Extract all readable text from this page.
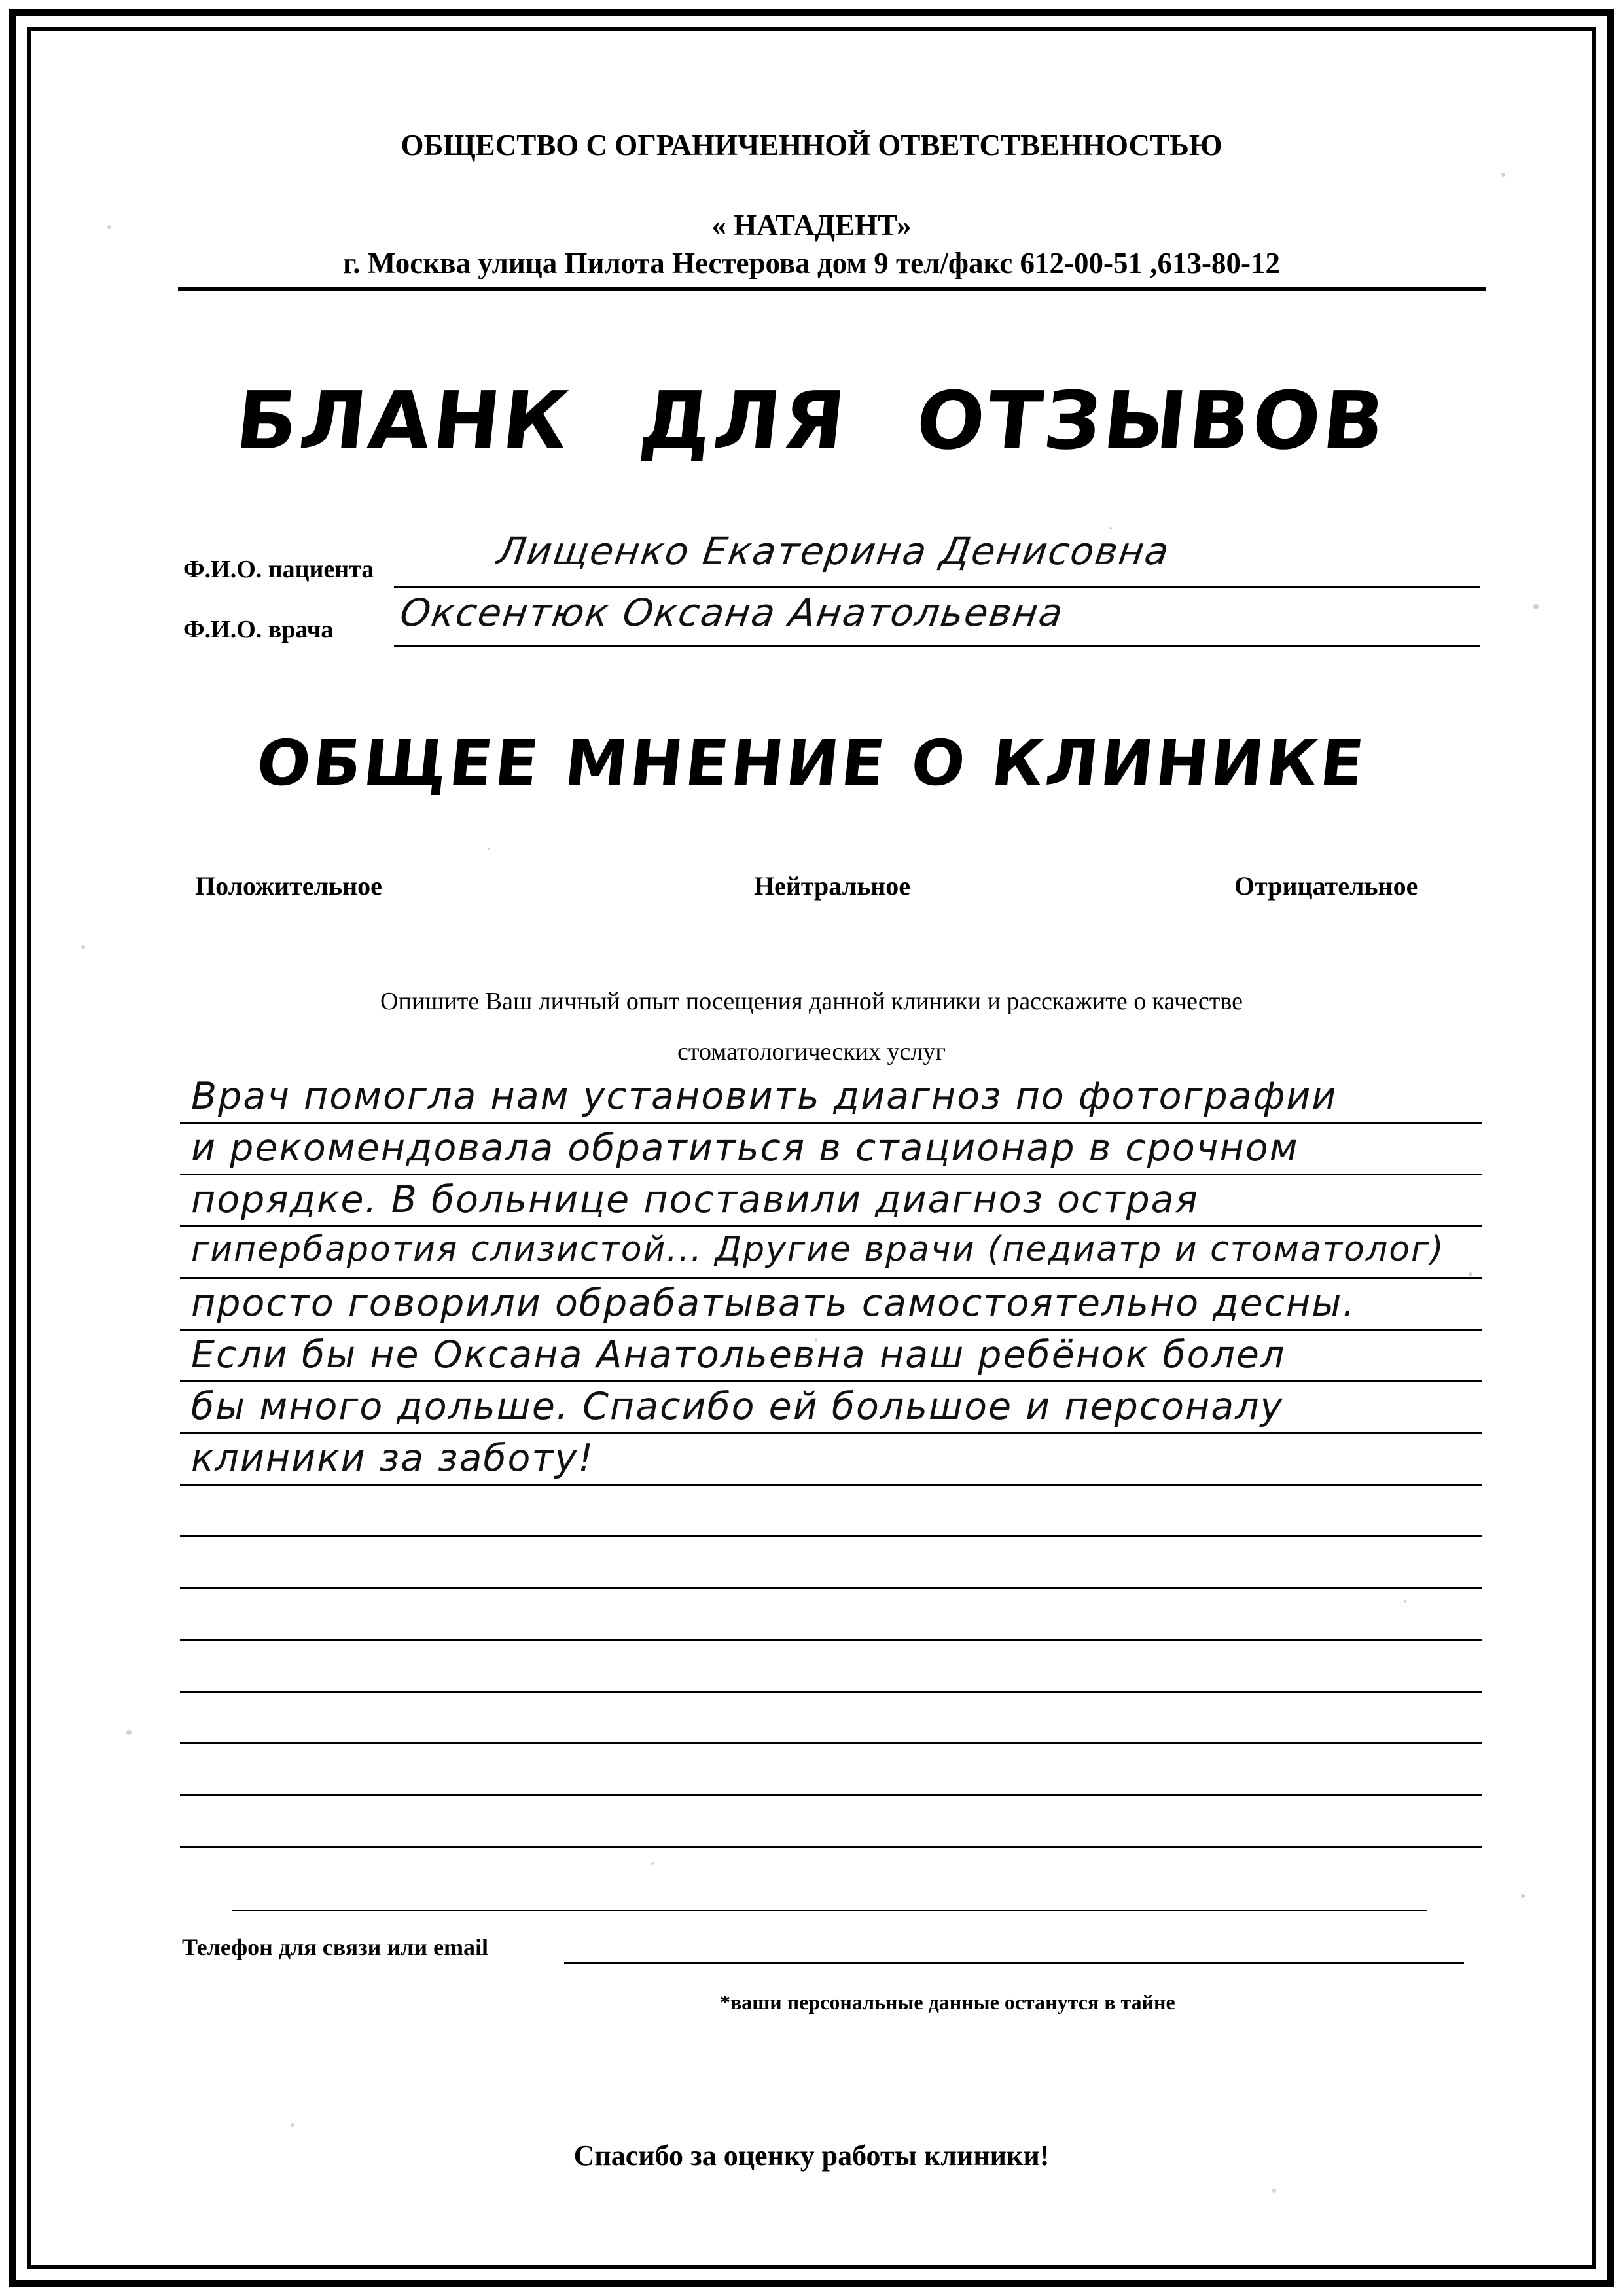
ОБЩЕСТВО С ОГРАНИЧЕННОЙ ОТВЕТСТВЕННОСТЬЮ
« НАТАДЕНТ»
г. Москва улица Пилота Нестерова дом 9 тел/факс 612-00-51 ,613-80-12
БЛАНК ДЛЯ ОТЗЫВОВ
Ф.И.О. пациента	Лищенко Екатерина Денисовна
Ф.И.О. врача Оксентюк Оксана Анатольевна
ОБЩЕЕ МНЕНИЕ О КЛИНИКЕ
Положительное	Нейтральное	Отрицательное
Опишите Ваш личный опыт посещения данной клиники и расскажите о качестве
стоматологических услуг
Врач помогла нам установить диагноз по фотографии
и рекомендовала обратиться в стационар в срочном
порядке. В больнице поставили диагноз острая
гипербаротия слизистой... Другие врачи (педиатр и стоматолог)
просто говорили обрабатывать самостоятельно десны.
Если бы не Оксана Анатольевна наш ребёнок болел
бы много дольше. Спасибо ей большое и персоналу
клиники за заботу!
Телефон для связи или email
*ваши персональные данные останутся в тайне
Спасибо за оценку работы клиники!
